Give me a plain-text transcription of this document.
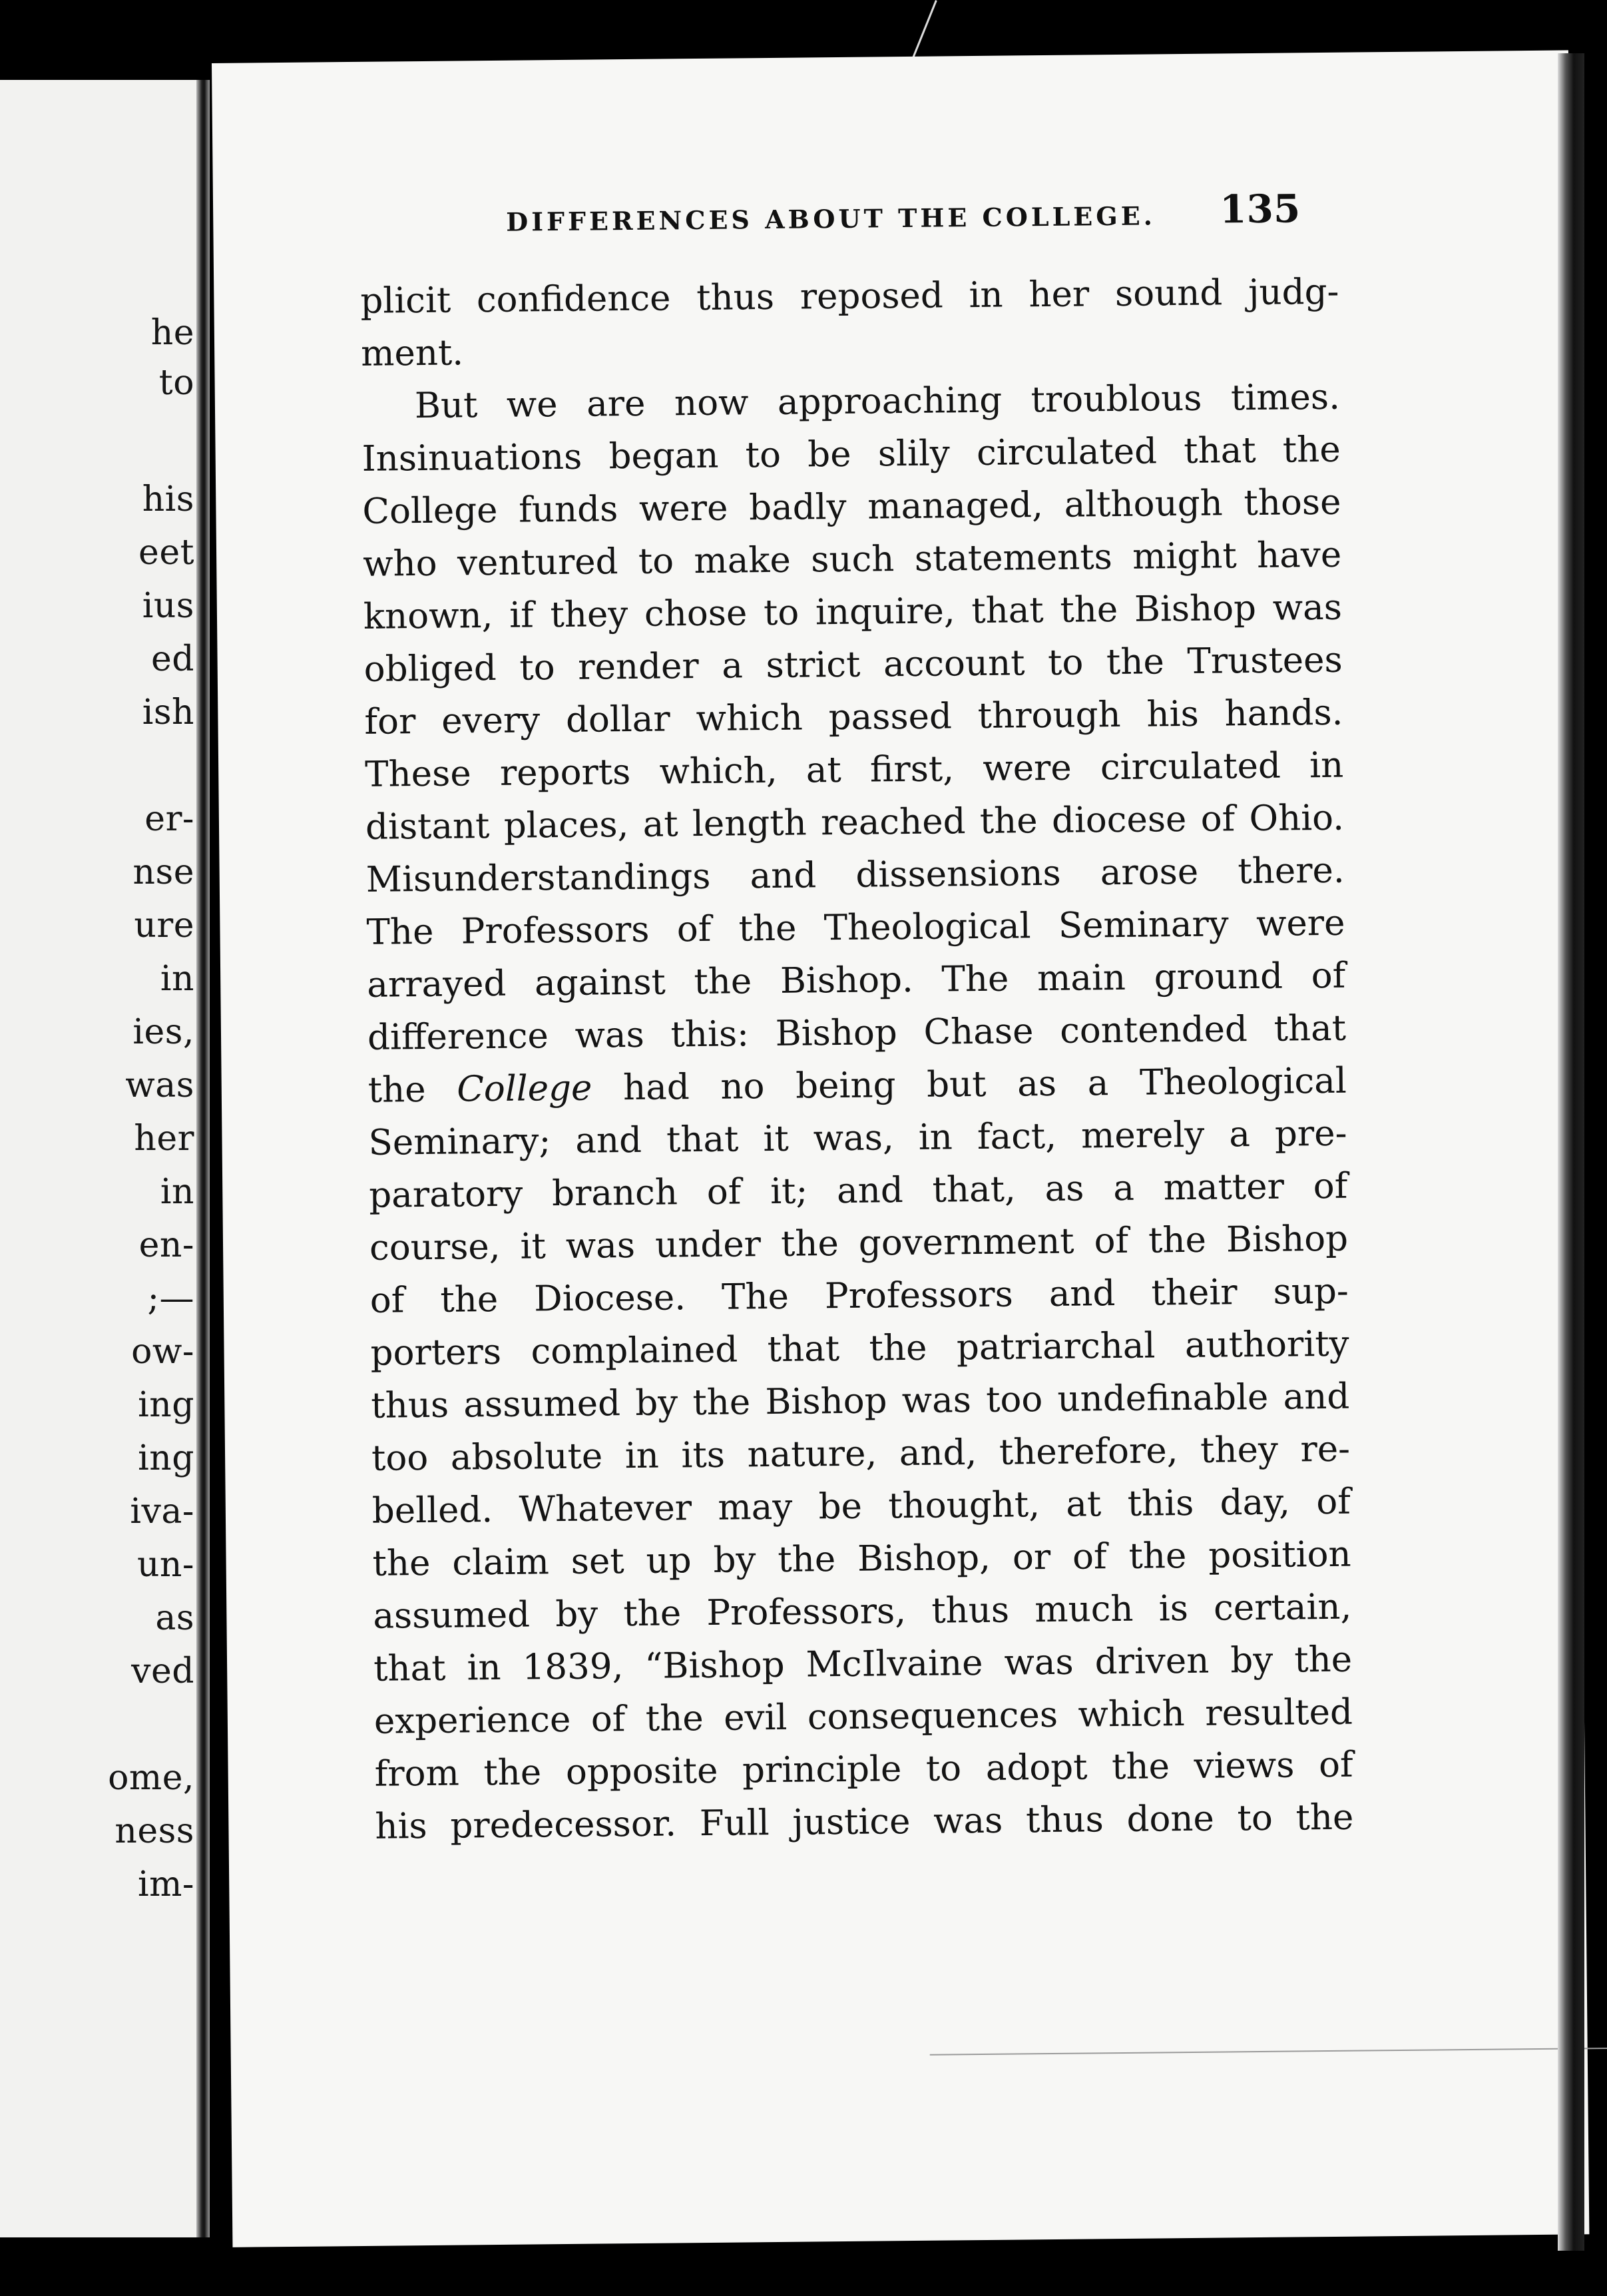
he
to
his
eet
ius
ed
ish
er-
nse
ure
in
ies,
was
her
in
en-
;—
ow-
ing
ing
iva-
un-
as
ved
ome,
ness
im-
DIFFERENCES ABOUT THE COLLEGE. 135
plicit confidence thus reposed in her sound judg-
ment.
But we are now approaching troublous times.
Insinuations began to be slily circulated that the
College funds were badly managed, although those
who ventured to make such statements might have
known, if they chose to inquire, that the Bishop was
obliged to render a strict account to the Trustees
for every dollar which passed through his hands.
These reports which, at first, were circulated in
distant places, at length reached the diocese of Ohio.
Misunderstandings and dissensions arose there.
The Professors of the Theological Seminary were
arrayed against the Bishop. The main ground of
difference was this: Bishop Chase contended that
the College had no being but as a Theological
Seminary; and that it was, in fact, merely a pre-
paratory branch of it; and that, as a matter of
course, it was under the government of the Bishop
of the Diocese. The Professors and their sup-
porters complained that the patriarchal authority
thus assumed by the Bishop was too undefinable and
too absolute in its nature, and, therefore, they re-
belled. Whatever may be thought, at this day, of
the claim set up by the Bishop, or of the position
assumed by the Professors, thus much is certain,
that in 1839, “Bishop McIlvaine was driven by the
experience of the evil consequences which resulted
from the opposite principle to adopt the views of
his predecessor. Full justice was thus done to the
